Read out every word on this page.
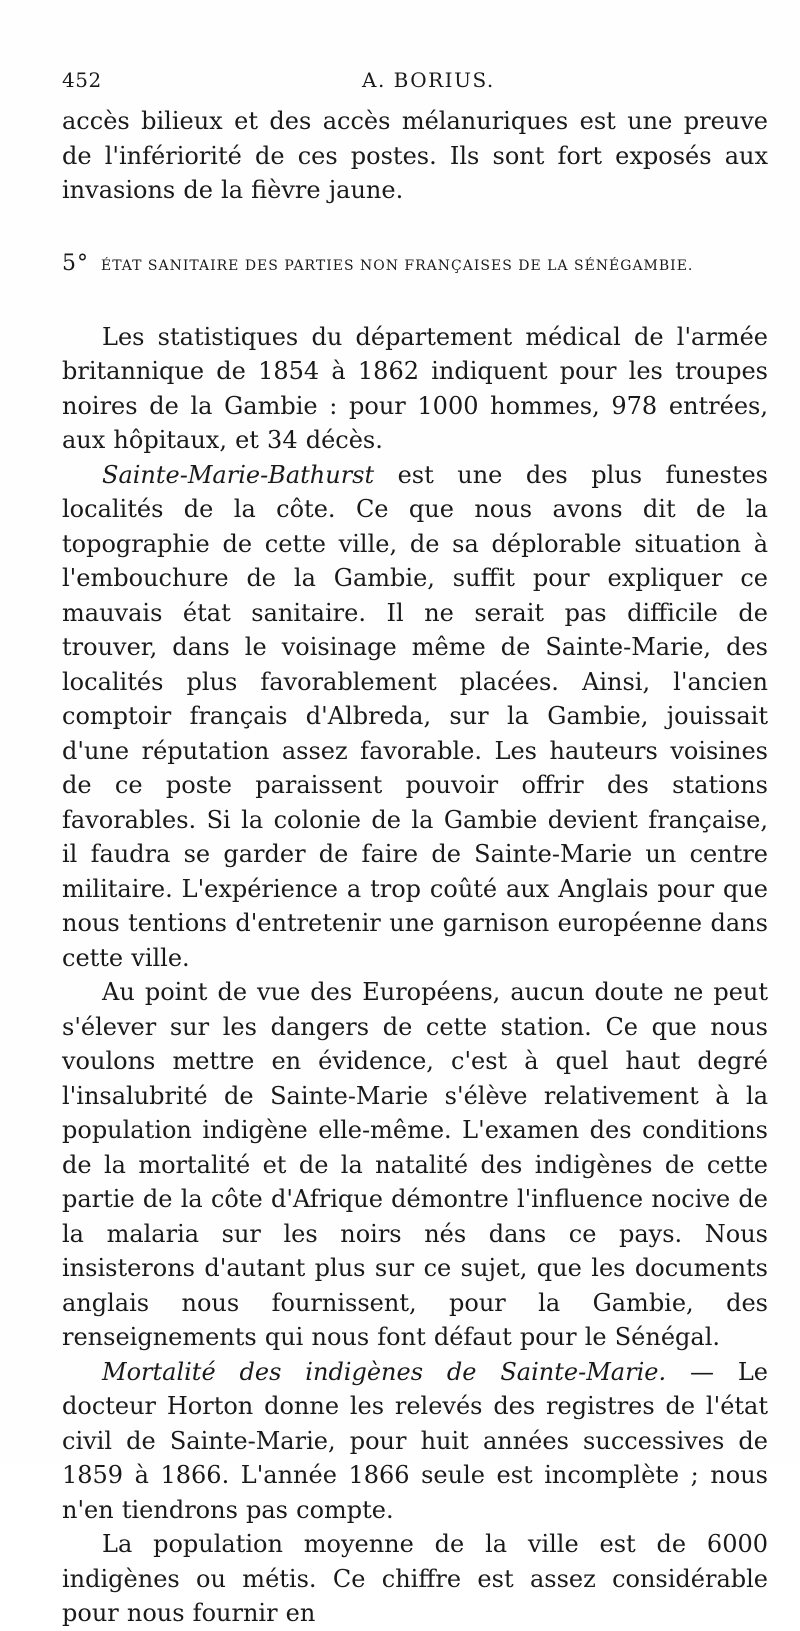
452	A. BORIUS.

accès bilieux et des accès mélanuriques est une preuve de l'infériorité de ces postes. Ils sont fort exposés aux invasions de la fièvre jaune.

5° ÉTAT SANITAIRE DES PARTIES NON FRANÇAISES DE LA SÉNÉGAMBIE.

Les statistiques du département médical de l'armée britannique de 1854 à 1862 indiquent pour les troupes noires de la Gambie : pour 1000 hommes, 978 entrées, aux hôpitaux, et 34 décès.

Sainte-Marie-Bathurst est une des plus funestes localités de la côte. Ce que nous avons dit de la topographie de cette ville, de sa déplorable situation à l'embouchure de la Gambie, suffit pour expliquer ce mauvais état sanitaire. Il ne serait pas difficile de trouver, dans le voisinage même de Sainte-Marie, des localités plus favorablement placées. Ainsi, l'ancien comptoir français d'Albreda, sur la Gambie, jouissait d'une réputation assez favorable. Les hauteurs voisines de ce poste paraissent pouvoir offrir des stations favorables. Si la colonie de la Gambie devient française, il faudra se garder de faire de Sainte-Marie un centre militaire. L'expérience a trop coûté aux Anglais pour que nous tentions d'entretenir une garnison européenne dans cette ville.

Au point de vue des Européens, aucun doute ne peut s'élever sur les dangers de cette station. Ce que nous voulons mettre en évidence, c'est à quel haut degré l'insalubrité de Sainte-Marie s'élève relativement à la population indigène elle-même. L'examen des conditions de la mortalité et de la natalité des indigènes de cette partie de la côte d'Afrique démontre l'influence nocive de la malaria sur les noirs nés dans ce pays. Nous insisterons d'autant plus sur ce sujet, que les documents anglais nous fournissent, pour la Gambie, des renseignements qui nous font défaut pour le Sénégal.

Mortalité des indigènes de Sainte-Marie. — Le docteur Horton donne les relevés des registres de l'état civil de Sainte-Marie, pour huit années successives de 1859 à 1866. L'année 1866 seule est incomplète ; nous n'en tiendrons pas compte.

La population moyenne de la ville est de 6000 indigènes ou métis. Ce chiffre est assez considérable pour nous fournir en
